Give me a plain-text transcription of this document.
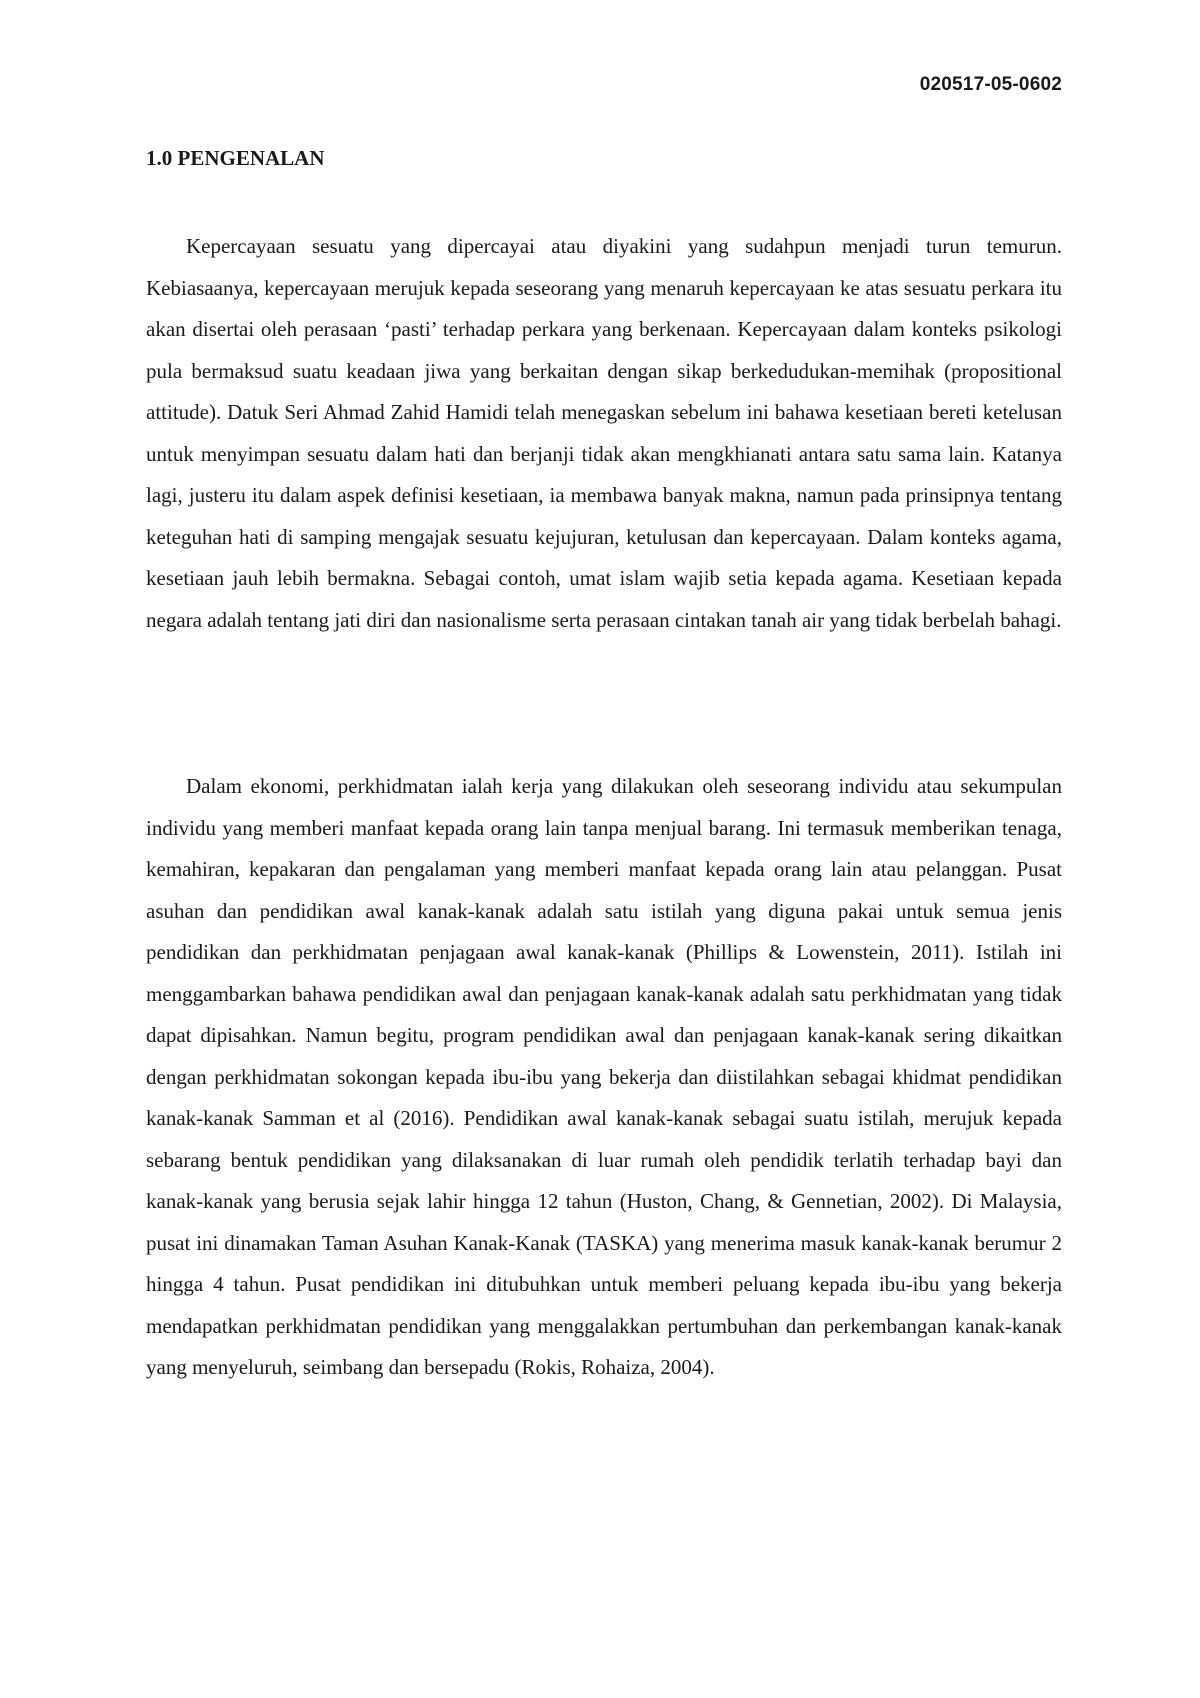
020517-05-0602
1.0 PENGENALAN

Kepercayaan sesuatu yang dipercayai atau diyakini yang sudahpun menjadi turun temurun. Kebiasaanya, kepercayaan merujuk kepada seseorang yang menaruh kepercayaan ke atas sesuatu perkara itu akan disertai oleh perasaan ‘pasti’ terhadap perkara yang berkenaan. Kepercayaan dalam konteks psikologi pula bermaksud suatu keadaan jiwa yang berkaitan dengan sikap berkedudukan-memihak (propositional attitude). Datuk Seri Ahmad Zahid Hamidi telah menegaskan sebelum ini bahawa kesetiaan bereti ketelusan untuk menyimpan sesuatu dalam hati dan berjanji tidak akan mengkhianati antara satu sama lain. Katanya lagi, justeru itu dalam aspek definisi kesetiaan, ia membawa banyak makna, namun pada prinsipnya tentang keteguhan hati di samping mengajak sesuatu kejujuran, ketulusan dan kepercayaan. Dalam konteks agama, kesetiaan jauh lebih bermakna. Sebagai contoh, umat islam wajib setia kepada agama. Kesetiaan kepada negara adalah tentang jati diri dan nasionalisme serta perasaan cintakan tanah air yang tidak berbelah bahagi.

Dalam ekonomi, perkhidmatan ialah kerja yang dilakukan oleh seseorang individu atau sekumpulan individu yang memberi manfaat kepada orang lain tanpa menjual barang. Ini termasuk memberikan tenaga, kemahiran, kepakaran dan pengalaman yang memberi manfaat kepada orang lain atau pelanggan. Pusat asuhan dan pendidikan awal kanak-kanak adalah satu istilah yang diguna pakai untuk semua jenis pendidikan dan perkhidmatan penjagaan awal kanak-kanak (Phillips & Lowenstein, 2011). Istilah ini menggambarkan bahawa pendidikan awal dan penjagaan kanak-kanak adalah satu perkhidmatan yang tidak dapat dipisahkan. Namun begitu, program pendidikan awal dan penjagaan kanak-kanak sering dikaitkan dengan perkhidmatan sokongan kepada ibu-ibu yang bekerja dan diistilahkan sebagai khidmat pendidikan kanak-kanak Samman et al (2016). Pendidikan awal kanak-kanak sebagai suatu istilah, merujuk kepada sebarang bentuk pendidikan yang dilaksanakan di luar rumah oleh pendidik terlatih terhadap bayi dan kanak-kanak yang berusia sejak lahir hingga 12 tahun (Huston, Chang, & Gennetian, 2002). Di Malaysia, pusat ini dinamakan Taman Asuhan Kanak-Kanak (TASKA) yang menerima masuk kanak-kanak berumur 2 hingga 4 tahun. Pusat pendidikan ini ditubuhkan untuk memberi peluang kepada ibu-ibu yang bekerja mendapatkan perkhidmatan pendidikan yang menggalakkan pertumbuhan dan perkembangan kanak-kanak yang menyeluruh, seimbang dan bersepadu (Rokis, Rohaiza, 2004).
